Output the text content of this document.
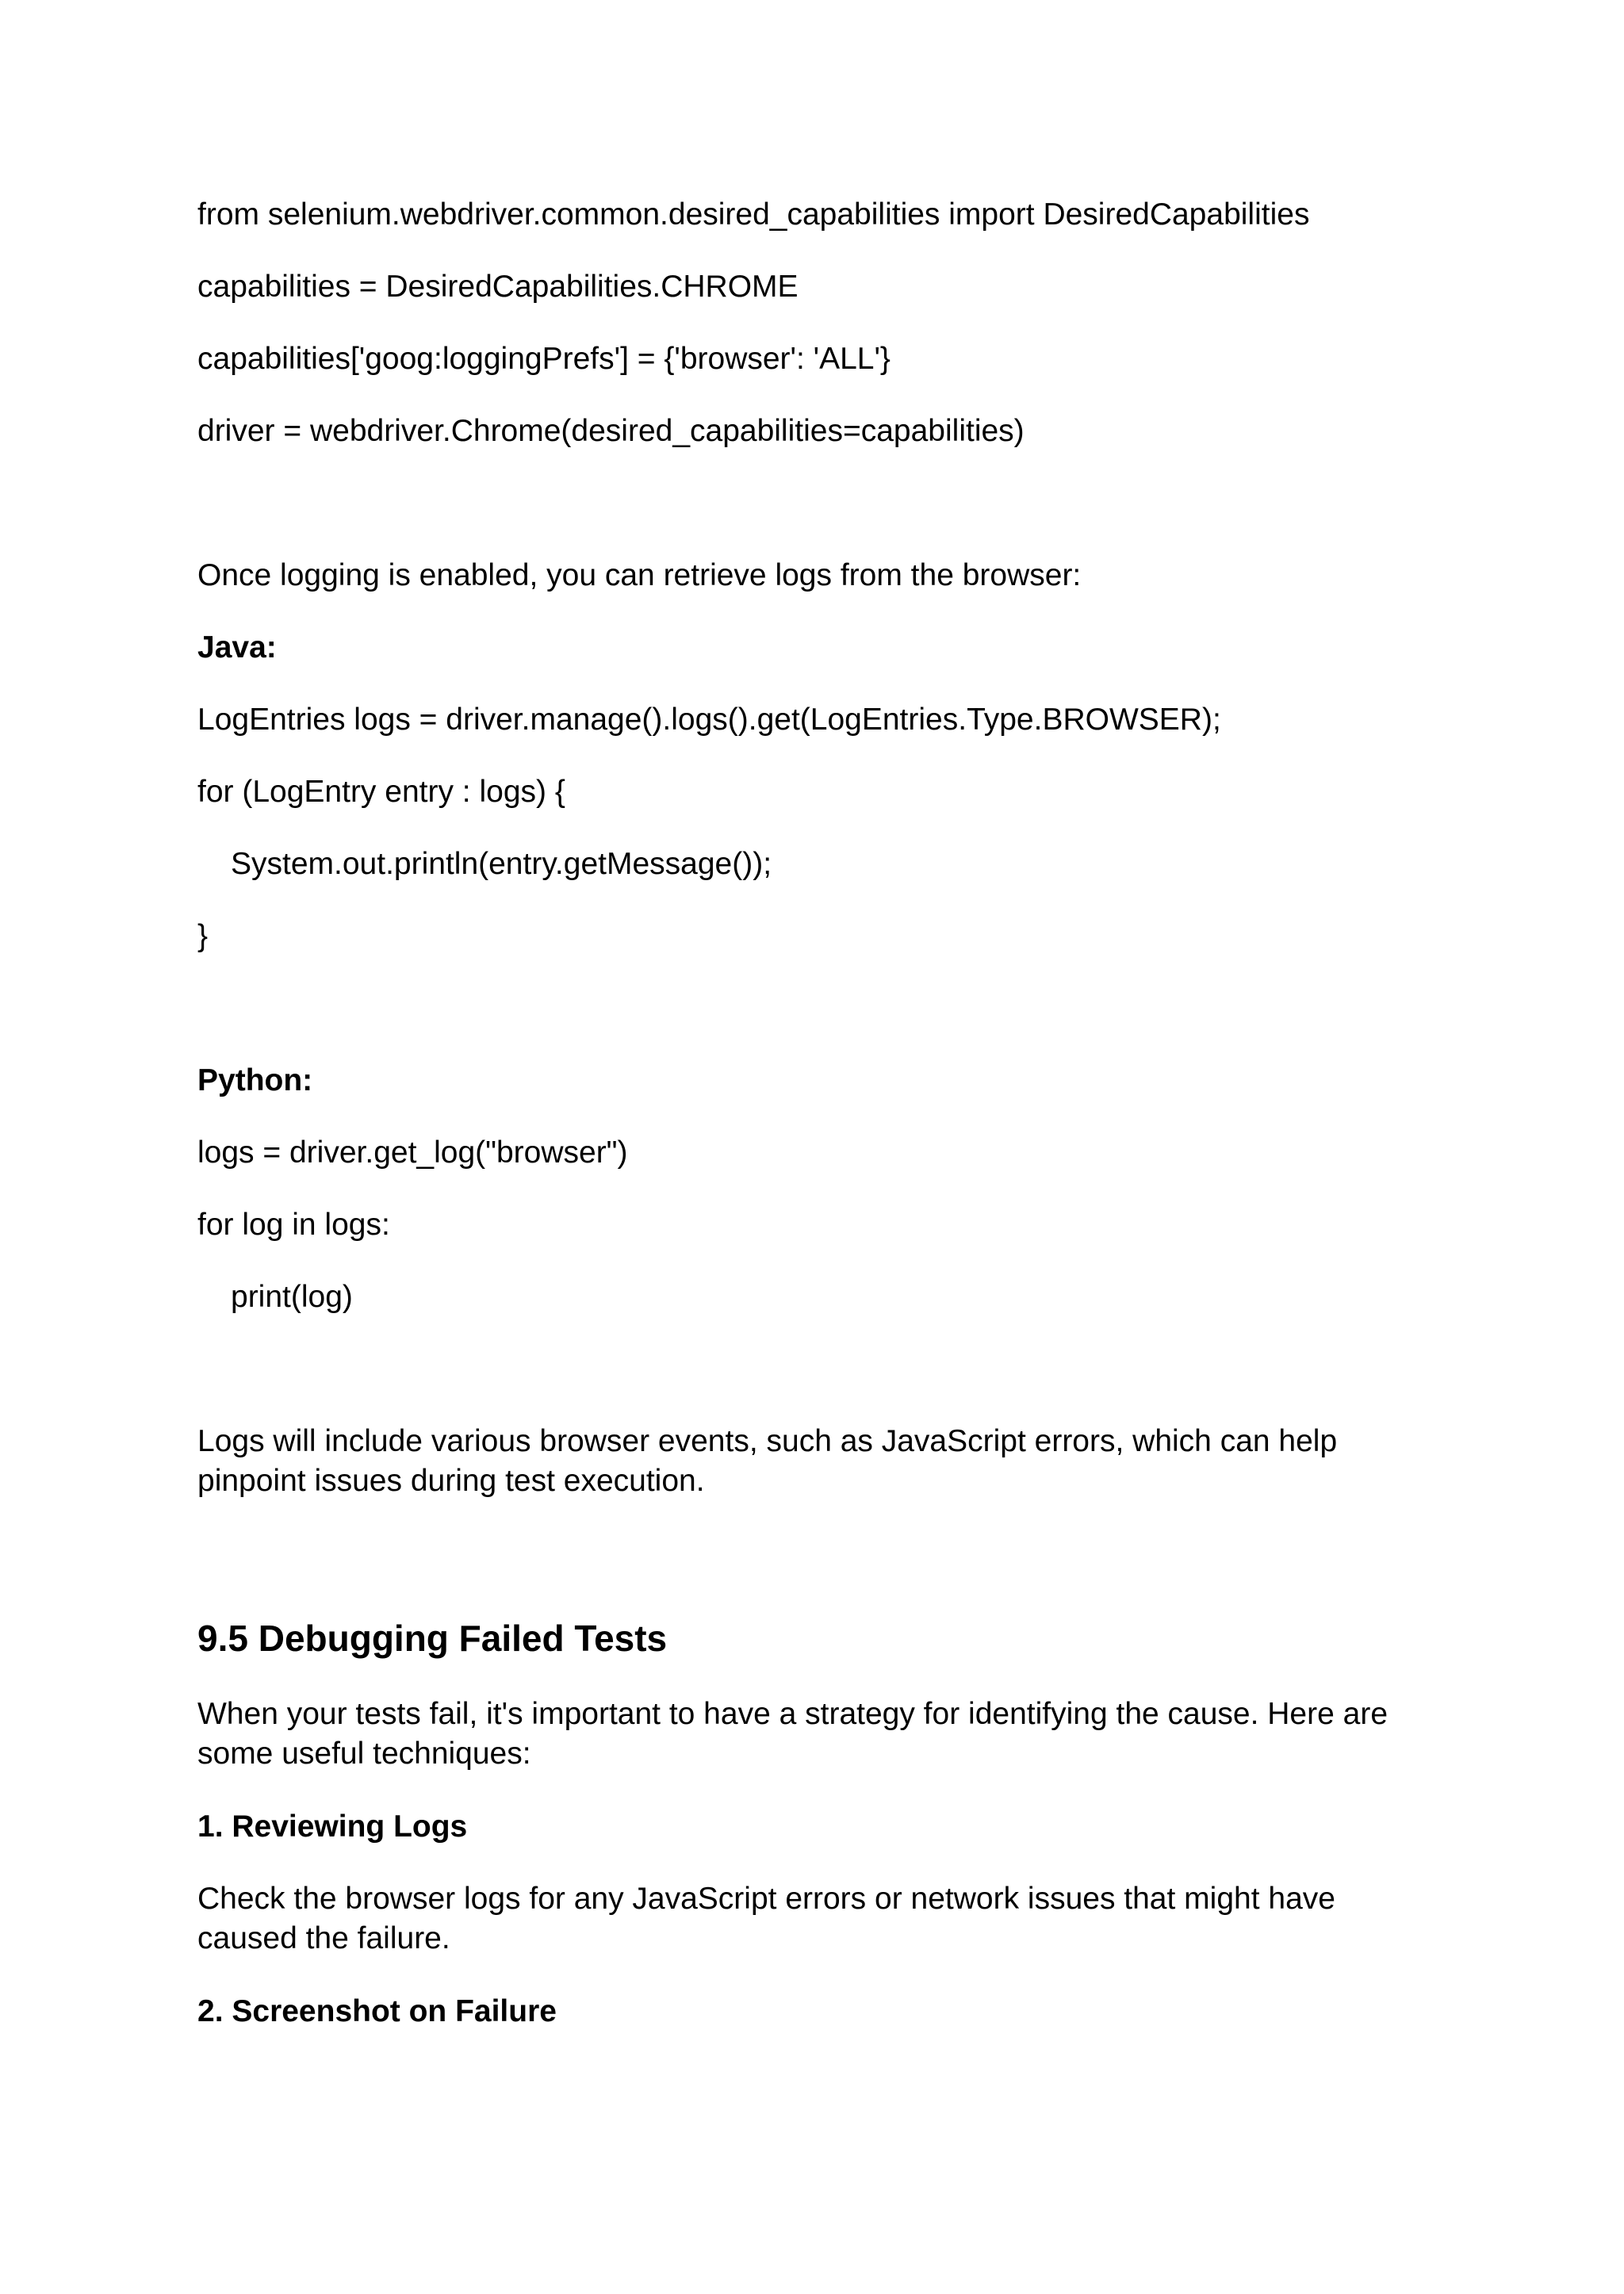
from selenium.webdriver.common.desired_capabilities import DesiredCapabilities

capabilities = DesiredCapabilities.CHROME

capabilities['goog:loggingPrefs'] = {'browser': 'ALL'}

driver = webdriver.Chrome(desired_capabilities=capabilities)

Once logging is enabled, you can retrieve logs from the browser:

Java:

LogEntries logs = driver.manage().logs().get(LogEntries.Type.BROWSER);

for (LogEntry entry : logs) {

System.out.println(entry.getMessage());

}

Python:

logs = driver.get_log("browser")

for log in logs:

print(log)

Logs will include various browser events, such as JavaScript errors, which can help pinpoint issues during test execution.

9.5 Debugging Failed Tests

When your tests fail, it's important to have a strategy for identifying the cause. Here are some useful techniques:

1. Reviewing Logs

Check the browser logs for any JavaScript errors or network issues that might have caused the failure.

2. Screenshot on Failure
